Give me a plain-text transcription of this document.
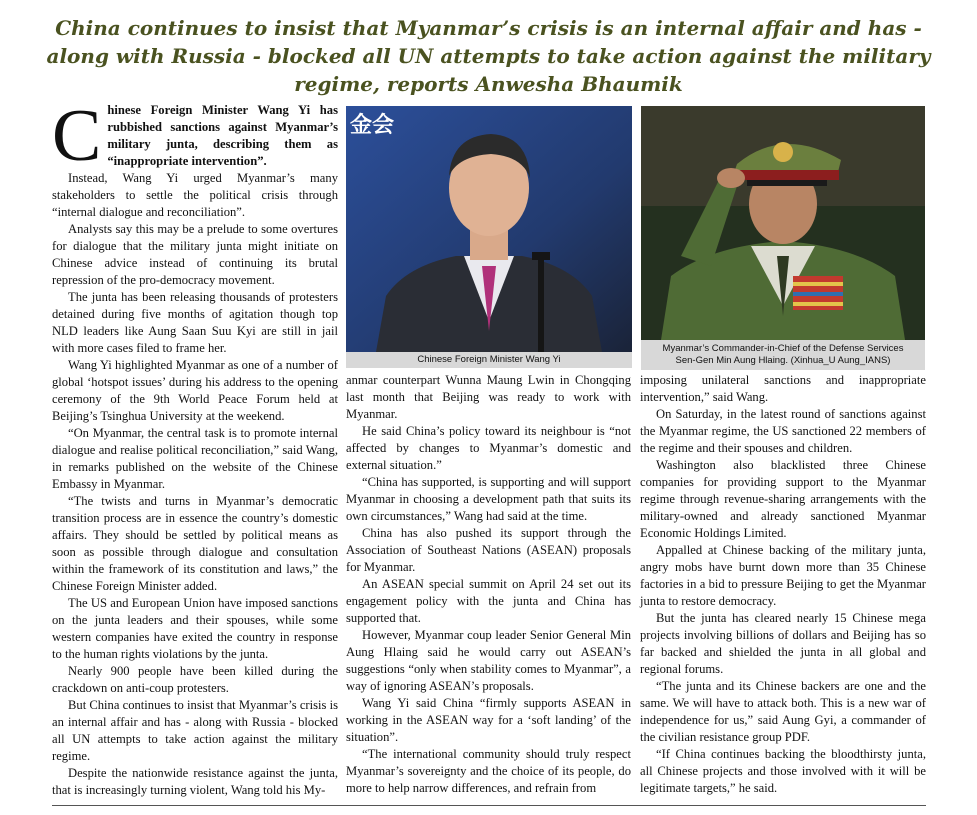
China continues to insist that Myanmar’s crisis is an internal affair and has - along with Russia - blocked all UN attempts to take action against the military regime, reports Anwesha Bhaumik

Chinese Foreign Minister Wang Yi has rubbished sanctions against Myanmar’s military junta, describing them as “inappropriate intervention”.

Instead, Wang Yi urged Myanmar’s many stakeholders to settle the political crisis through “internal dialogue and reconciliation”.

Analysts say this may be a prelude to some overtures for dialogue that the military junta might initiate on Chinese advice instead of continuing its brutal repression of the pro-democracy movement.

The junta has been releasing thousands of protesters detained during five months of agitation though top NLD leaders like Aung Saan Suu Kyi are still in jail with more cases filed to frame her.

Wang Yi highlighted Myanmar as one of a number of global ‘hotspot issues’ during his address to the opening ceremony of the 9th World Peace Forum held at Beijing’s Tsinghua University at the weekend.

“On Myanmar, the central task is to promote internal dialogue and realise political reconciliation,” said Wang, in remarks published on the website of the Chinese Embassy in Myanmar.

“The twists and turns in Myanmar’s democratic transition process are in essence the country’s domestic affairs. They should be settled by political means as soon as possible through dialogue and consultation within the framework of its constitution and laws,” the Chinese Foreign Minister added.

The US and European Union have imposed sanctions on the junta leaders and their spouses, while some western companies have exited the country in response to the human rights violations by the junta.

Nearly 900 people have been killed during the crackdown on anti-coup protesters.

But China continues to insist that Myanmar’s crisis is an internal affair and has - along with Russia - blocked all UN attempts to take action against the military regime.

Despite the nationwide resistance against the junta, that is increasingly turning violent, Wang told his My-

金会
Chinese Foreign Minister Wang Yi
Myanmar’s Commander-in-Chief of the Defense Services
Sen-Gen Min Aung Hlaing. (Xinhua_U Aung_IANS)

anmar counterpart Wunna Maung Lwin in Chongqing last month that Beijing was ready to work with Myanmar.

He said China’s policy toward its neighbour is “not affected by changes to Myanmar’s domestic and external situation.”

“China has supported, is supporting and will support Myanmar in choosing a development path that suits its own circumstances,” Wang had said at the time.

China has also pushed its support through the Association of Southeast Nations (ASEAN) proposals for Myanmar.

An ASEAN special summit on April 24 set out its engagement policy with the junta and China has supported that.

However, Myanmar coup leader Senior General Min Aung Hlaing said he would carry out ASEAN’s suggestions “only when stability comes to Myanmar”, a way of ignoring ASEAN’s proposals.

Wang Yi said China “firmly supports ASEAN in working in the ASEAN way for a ‘soft landing’ of the situation”.

“The international community should truly respect Myanmar’s sovereignty and the choice of its people, do more to help narrow differences, and refrain from

imposing unilateral sanctions and inappropriate intervention,” said Wang.

On Saturday, in the latest round of sanctions against the Myanmar regime, the US sanctioned 22 members of the regime and their spouses and children.

Washington also blacklisted three Chinese companies for providing support to the Myanmar regime through revenue-sharing arrangements with the military-owned and already sanctioned Myanmar Economic Holdings Limited.

Appalled at Chinese backing of the military junta, angry mobs have burnt down more than 35 Chinese factories in a bid to pressure Beijing to get the Myanmar junta to restore democracy.

But the junta has cleared nearly 15 Chinese mega projects involving billions of dollars and Beijing has so far backed and shielded the junta in all global and regional forums.

“The junta and its Chinese backers are one and the same. We will have to attack both. This is a new war of independence for us,” said Aung Gyi, a commander of the civilian resistance group PDF.

“If China continues backing the bloodthirsty junta, all Chinese projects and those involved with it will be legitimate targets,” he said.
